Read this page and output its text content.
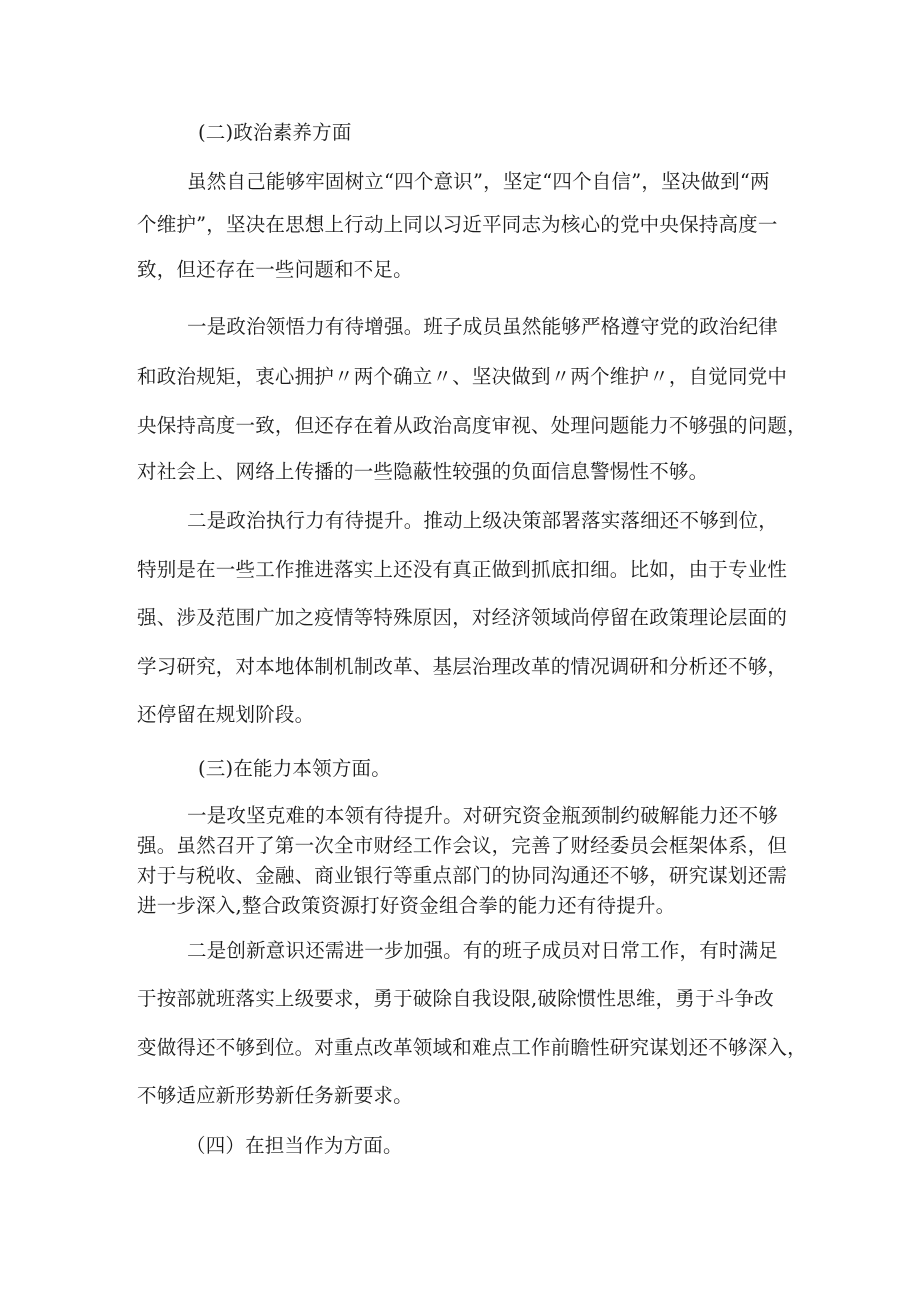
(二)政治素养方面
虽然自己能够牢固树立“四个意识”，坚定“四个自信”，坚决做到“两
个维护”，坚决在思想上行动上同以习近平同志为核心的党中央保持高度一
致，但还存在一些问题和不足。
一是政治领悟力有待增强。班子成员虽然能够严格遵守党的政治纪律
和政治规矩，衷心拥护〃两个确立〃、坚决做到〃两个维护〃，自觉同党中
央保持高度一致，但还存在着从政治高度审视、处理问题能力不够强的问题，
对社会上、网络上传播的一些隐蔽性较强的负面信息警惕性不够。
二是政治执行力有待提升。推动上级决策部署落实落细还不够到位，
特别是在一些工作推进落实上还没有真正做到抓底扣细。比如，由于专业性
强、涉及范围广加之疫情等特殊原因，对经济领域尚停留在政策理论层面的
学习研究，对本地体制机制改革、基层治理改革的情况调研和分析还不够，
还停留在规划阶段。
(三)在能力本领方面。
一是攻坚克难的本领有待提升。对研究资金瓶颈制约破解能力还不够
强。虽然召开了第一次全市财经工作会议，完善了财经委员会框架体系，但
对于与税收、金融、商业银行等重点部门的协同沟通还不够，研究谋划还需
进一步深入,整合政策资源打好资金组合拳的能力还有待提升。
二是创新意识还需进一步加强。有的班子成员对日常工作，有时满足
于按部就班落实上级要求，勇于破除自我设限,破除惯性思维，勇于斗争改
变做得还不够到位。对重点改革领域和难点工作前瞻性研究谋划还不够深入，
不够适应新形势新任务新要求。
（四）在担当作为方面。
